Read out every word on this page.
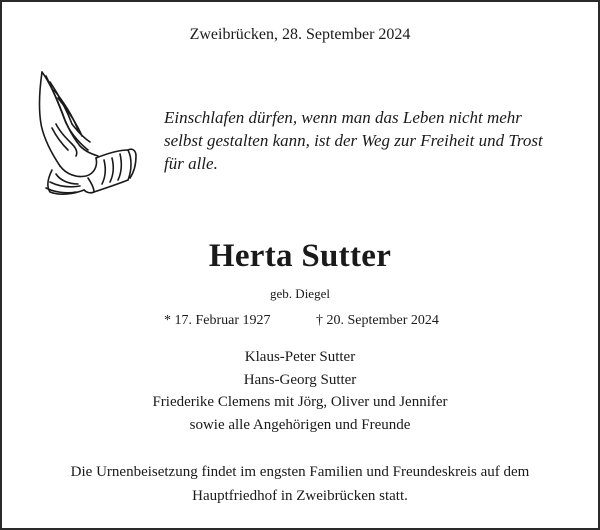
Zweibrücken, 28. September 2024
Einschlafen dürfen, wenn man das Leben nicht mehr
selbst gestalten kann, ist der Weg zur Freiheit und Trost
für alle.
Herta Sutter
geb. Diegel
* 17. Februar 1927	† 20. September 2024
Klaus-Peter Sutter
Hans-Georg Sutter
Friederike Clemens mit Jörg, Oliver und Jennifer
sowie alle Angehörigen und Freunde
Die Urnenbeisetzung findet im engsten Familien und Freundeskreis auf dem
Hauptfriedhof in Zweibrücken statt.
